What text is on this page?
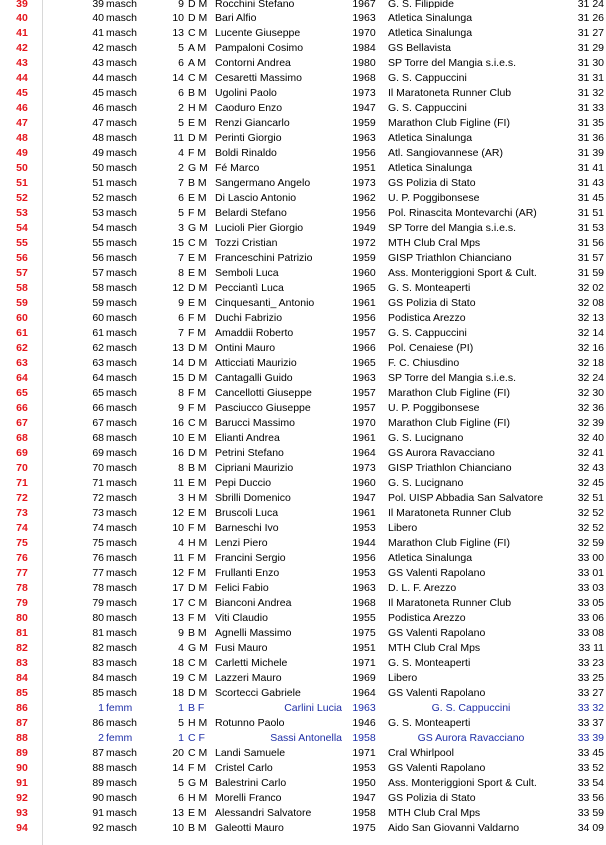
39	39 masch	9 D M Rocchini Stefano	1967 G. S. Filippide	31 24
40	40 masch	10 D M Bari Alfio	1963 Atletica Sinalunga	31 26
41	41 masch	13 C M Lucente Giuseppe	1970 Atletica Sinalunga	31 27
42	42 masch	5 A M Pampaloni Cosimo	1984 GS Bellavista	31 29
43	43 masch	6 A M Contorni Andrea	1980 SP Torre del Mangia s.i.e.s.	31 30
44	44 masch	14 C M Cesaretti Massimo	1968 G. S. Cappuccini	31 31
45	45 masch	6 B M Ugolini Paolo	1973 Il Maratoneta Runner Club	31 32
46	46 masch	2 H M Caoduro Enzo	1947 G. S. Cappuccini	31 33
47	47 masch	5 E M Renzi Giancarlo	1959 Marathon Club Figline (FI)	31 35
48	48 masch	11 D M Perinti Giorgio	1963 Atletica Sinalunga	31 36
49	49 masch	4 F M Boldi Rinaldo	1956 Atl. Sangiovannese (AR)	31 39
50	50 masch	2 G M Fé Marco	1951 Atletica Sinalunga	31 41
51	51 masch	7 B M Sangermano Angelo	1973 GS Polizia di Stato	31 43
52	52 masch	6 E M Di Lascio Antonio	1962 U. P. Poggibonsese	31 45
53	53 masch	5 F M Belardi Stefano	1956 Pol. Rinascita Montevarchi (AR)	31 51
54	54 masch	3 G M Lucioli Pier Giorgio	1949 SP Torre del Mangia s.i.e.s.	31 53
55	55 masch	15 C M Tozzi Cristian	1972 MTH Club Cral Mps	31 56
56	56 masch	7 E M Franceschini Patrizio	1959 GISP Triathlon Chianciano	31 57
57	57 masch	8 E M Semboli Luca	1960 Ass. Monteriggioni Sport & Cult.	31 59
58	58 masch	12 D M Pecciantì Luca	1965 G. S. Monteaperti	32 02
59	59 masch	9 E M Cinquesanti_ Antonio	1961 GS Polizia di Stato	32 08
60	60 masch	6 F M Duchi Fabrizio	1956 Podistica Arezzo	32 13
61	61 masch	7 F M Amaddii Roberto	1957 G. S. Cappuccini	32 14
62	62 masch	13 D M Ontini Mauro	1966 Pol. Cenaiese (PI)	32 16
63	63 masch	14 D M Atticciati Maurizio	1965 F. C. Chiusdino	32 18
64	64 masch	15 D M Cantagalli Guido	1963 SP Torre del Mangia s.i.e.s.	32 24
65	65 masch	8 F M Cancellotti Giuseppe	1957 Marathon Club Figline (FI)	32 30
66	66 masch	9 F M Pasciucco Giuseppe	1957 U. P. Poggibonsese	32 36
67	67 masch	16 C M Barucci Massimo	1970 Marathon Club Figline (FI)	32 39
68	68 masch	10 E M Elianti Andrea	1961 G. S. Lucignano	32 40
69	69 masch	16 D M Petrini Stefano	1964 GS Aurora Ravacciano	32 41
70	70 masch	8 B M Cipriani Maurizio	1973 GISP Triathlon Chianciano	32 43
71	71 masch	11 E M Pepi Duccio	1960 G. S. Lucignano	32 45
72	72 masch	3 H M Sbrilli Domenico	1947 Pol. UISP Abbadia San Salvatore	32 51
73	73 masch	12 E M Bruscoli Luca	1961 Il Maratoneta Runner Club	32 52
74	74 masch	10 F M Barneschi Ivo	1953 Libero	32 52
75	75 masch	4 H M Lenzi Piero	1944 Marathon Club Figline (FI)	32 59
76	76 masch	11 F M Francini Sergio	1956 Atletica Sinalunga	33 00
77	77 masch	12 F M Frullanti Enzo	1953 GS Valenti Rapolano	33 01
78	78 masch	17 D M Felici Fabio	1963 D. L. F. Arezzo	33 03
79	79 masch	17 C M Bianconi Andrea	1968 Il Maratoneta Runner Club	33 05
80	80 masch	13 F M Viti Claudio	1955 Podistica Arezzo	33 06
81	81 masch	9 B M Agnelli Massimo	1975 GS Valenti Rapolano	33 08
82	82 masch	4 G M Fusi Mauro	1951 MTH Club Cral Mps	33 11
83	83 masch	18 C M Carletti Michele	1971 G. S. Monteaperti	33 23
84	84 masch	19 C M Lazzeri Mauro	1969 Libero	33 25
85	85 masch	18 D M Scortecci Gabriele	1964 GS Valenti Rapolano	33 27
86	1 femm	1 B F	Carlini Lucia 1963	G. S. Cappuccini	33 32
87	86 masch	5 H M Rotunno Paolo	1946 G. S. Monteaperti	33 37
88	2 femm	1 C F	Sassi Antonella 1958	GS Aurora Ravacciano	33 39
89	87 masch	20 C M Landi Samuele	1971 Cral Whirlpool	33 45
90	88 masch	14 F M Cristel Carlo	1953 GS Valenti Rapolano	33 52
91	89 masch	5 G M Balestrini Carlo	1950 Ass. Monteriggioni Sport & Cult.	33 54
92	90 masch	6 H M Morelli Franco	1947 GS Polizia di Stato	33 56
93	91 masch	13 E M Alessandri Salvatore	1958 MTH Club Cral Mps	33 59
94	92 masch	10 B M Galeotti Mauro	1975 Aido San Giovanni Valdarno	34 09
